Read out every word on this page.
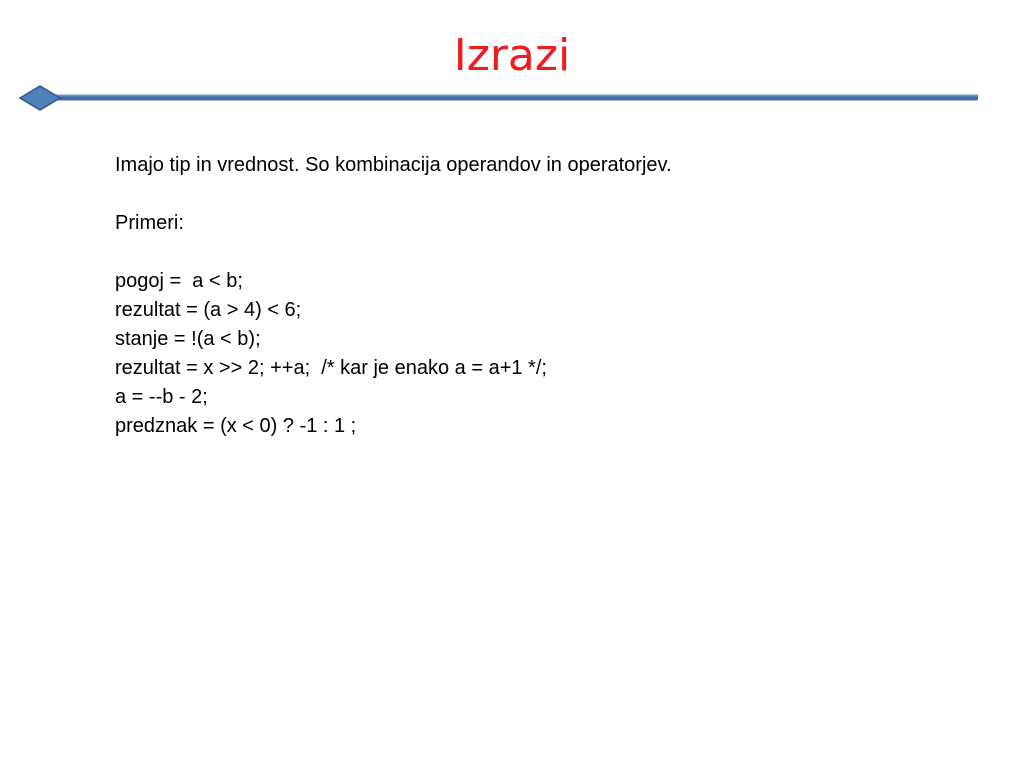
Izrazi
Imajo tip in vrednost. So kombinacija operandov in operatorjev.
Primeri:
pogoj =  a < b;
rezultat = (a > 4) < 6;
stanje = !(a < b);
rezultat = x >> 2; ++a;  /* kar je enako a = a+1 */;
a = --b - 2;
predznak = (x < 0) ? -1 : 1 ;
